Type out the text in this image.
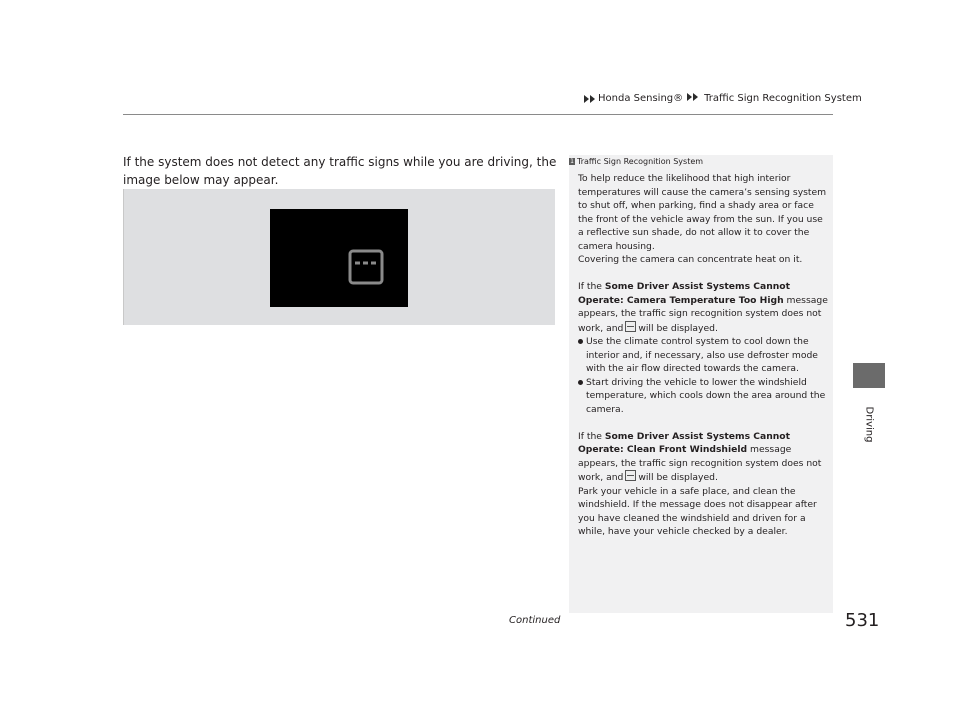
Honda Sensing® Traffic Sign Recognition System
If the system does not detect any traffic signs while you are driving, the image below may appear.
1 Traffic Sign Recognition System

To help reduce the likelihood that high interior temperatures will cause the camera’s sensing system to shut off, when parking, find a shady area or face the front of the vehicle away from the sun. If you use a reflective sun shade, do not allow it to cover the camera housing.

Covering the camera can concentrate heat on it.

If the Some Driver Assist Systems Cannot Operate: Camera Temperature Too High message appears, the traffic sign recognition system does not work, and will be displayed.

Use the climate control system to cool down the interior and, if necessary, also use defroster mode with the air flow directed towards the camera.

Start driving the vehicle to lower the windshield temperature, which cools down the area around the camera.

If the Some Driver Assist Systems Cannot Operate: Clean Front Windshield message appears, the traffic sign recognition system does not work, and will be displayed.

Park your vehicle in a safe place, and clean the windshield. If the message does not disappear after you have cleaned the windshield and driven for a while, have your vehicle checked by a dealer.

Driving
Continued	531
